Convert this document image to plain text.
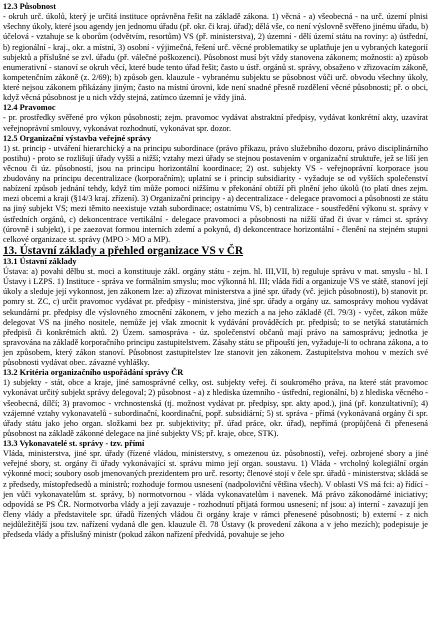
12.3 Působnost

- okruh urč. úkolů, který je určitá instituce oprávněna řešit na základě zákona. 1) věcná - a) všeobecná - na urč. území plnisi všechny úkoly, které jsou agendy jen jednomu úřadu (př. okr. či kraj. úřad); dělá vše, co není výslovně svěřeno jinému úřadu, b) účelová - vztahuje se k oborům (odvětvím, resortům) VS (př. ministerstva), 2) územní - dělí území státu na roviny: a) ústřední, b) regionální - kraj., okr. a místní, 3) osobní - výjimečná, řešení urč. věcné problematiky se uplatňuje jen u vybraných kategorií subjektů a příslušné se zvl. úřadu (př. válečné poškozenci). Působnost musí být vždy stanovena zákonem; možnosti: a) způsob enumerativní - stanoví se okruh věcí, které bude tento úřad řešit; často u ústř. orgánů st. správy, obsaženo v zřizovacím zákoně, kompetenčním zákoně (z. 2/69); b) způsob gen. klauzule - vybranému subjektu se působnost vůči urč. obvodu všechny úkoly, které nejsou zákonem přikázány jiným; často na místní úrovni, kde není snadné přesně rozdělení věcné působnosti; př. o obci, když věcná působnost je u nich vždy stejná, zatímco územní je vždy jiná.

12.4 Pravomoc

- pr. prostředky svěřené pro výkon působnosti; zejm. pravomoc vydávat abstraktní předpisy, vydávat konkrétní akty, uzavírat veřejnoprávní smlouvy, vykonávat rozhodnutí, vykonávat spr. dozor.

12.5 Organizační výstavba veřejné správy

1) st. princip - utváření hierarchický a na principu subordinace (právo příkazu, právo služebního dozoru, právo disciplinárního postihu) - proto se rozlišují úřady vyšší a nižší; vztahy mezi úřady se stejnou postavením v organizační struktuře, jež se liší jen věcnou či úz. působností, jsou na principu horizontální koordinace; 2) ost. subjekty VS - veřejnoprávní korporace jsou zbudovány na principu decentralizace (korporačním); uplatní se i princip subsidiarity - vyžaduje se od vyšších společenství nabízení způsob jednání tehdy, když tím může pomoci nižšímu v překonání obtíží při plnění jeho úkolů (to platí dnes zejm. mezi obcemi a kraji (§14/3 kraj. zřízení). 3) Organizační principy - a) decentralizace - delegace pravomoci a působnosti ze státu na jiný subjekt VS; mezi těmito neexistuje vztah subordinace; ostatnímu VS, b) centralizace - soustředění výkonu st. správy v ústředních orgánů, c) dekoncentrace vertikální - delegace pravomoci a působnosti na nižší úřad či úvar v rámci st. správy (úrovně i subjekt), i pe zaezovat formou interních zdemí a pokynů, d) dekoncentrace horizontální - členění na stejném stupni celkové organizace st. správy (MPO > MO a MP).

13. Ústavní základy a přehled organizace VS v ČR
13.1 Ústavní základy

Ústava: a) povahi dělbu st. moci a konstituuje zákl. orgány státu - zejm. hl. III,VII, b) reguluje správu v mat. smyslu - hl. I Ústavy i LZPS. 1) Instituce - správa ve formálním smyslu; moc výkonná hl. III; vláda řídí a organizuje VS ve státě, stanoví její úkoly a sleduje její vykonnost, jen zákonem lze: a) zřizovat ministerstva a jiné spr. úřady (vč. jejich působnosti), b) stanovit pr. pomry st. ZC, c) určit pravomoc vydávat pr. předpisy - ministerstva, jiné spr. úřady a orgány uz. samosprávy mohou vydávat sekundární pr. předpisy dle výslovného zmocnění zákonem, v jeho mezích a na jeho základě (čl. 79/3) - vyčet, zákon může delegovat VS na jiného nositele, nemůže jej však zmocnit k vydávání prováděcích pr. předpisů; to se netýká statutárních předpisů či konkrétních aktů. 2) Územ. samospráva - úz. společenství občanů mají právo na samosprávu; jednotka je spravována na základě korporačního principu zastupitelstvem. Zásahy státu se připouští jen, vyžaduje-li to ochrana zákona, a to jen způsobem, který zákon stanoví. Působnost zastupitelstev lze stanovit jen zákonem. Zastupitelstva mohou v mezích své působnosti vydávat obec. závazné vyhlášky.

13.2 Kritéria organizačního uspořádání správy ČR

1) subjekty - stát, obce a kraje, jiné samosprávné celky, ost. subjekty veřej. či soukromého práva, na které stát pravomoc vykonávat určitý subjekt správy delegoval; 2) působnost - a) z hlediska územního - ústřední, regionální, b) z hlediska věcného - všeobecná, dílčí; 3) pravomoc - vrchnostenská (tj. možnost vydávat pr. předpisy, spr. akty apod.), jiná (př. konzultativní); 4) vzájemné vztahy vykonavatelů - subordinační, koordinační, popř. subsidiární; 5) st. správa - přímá (vykonávaná orgány či spr. úřady státu jako jeho organ. složkami bez pr. subjektivity; př. úřad práce, okr. úřad), nepřímá (propůjčená či přenesená působnost na základě zákonné delegace na jiné subjekty VS; př. kraje, obce, STK).

13.3 Vykonavatelé st. správy - tzv. přímí

Vláda, ministerstva, jiné spr. úřady (řízené vládou, ministerstvy, s omezenou úz. působností), veřej. ozbrojené sbory a jiné veřejné sbory, st. orgány či úřady vykonávající st. správu mimo její organ. soustavu. 1) Vláda - vrcholný kolegiální orgán výkonné moci; soubory osob jmenovaných prezidentem pro urč. resorty; členové stojí v čele spr. úřadů - ministerstva; skládá se z předsedy, místopředsedů a ministrů; rozhoduje formou usnesení (nadpoloviční většina všech). V oblasti VS má fci: a) řídící - jen vůči vykonavatelům st. správy, b) normotvornou - vláda vykonavatelům i navenek. Má právo zákonodárné iniciativy; odpovídá se PS ČR. Normotvorba vlády a její zavazuje - rozhodnutí přijatá formou usnesení; nf jsou: a) interní - zavazují jen členy vlády a představitele spr. úřadů řízených vládou či orgány kraje v rámci přenesené působnosti; b) externí - z nich nejdůležitější jsou tzv. nařízení vydaná dle gen. klauzule čl. 78 Ústavy (k provedení zákona a v jeho mezích); podepisuje je předseda vlády a příslušný ministr (pokud zákon nařízení předvídá, povahuje se jeho
